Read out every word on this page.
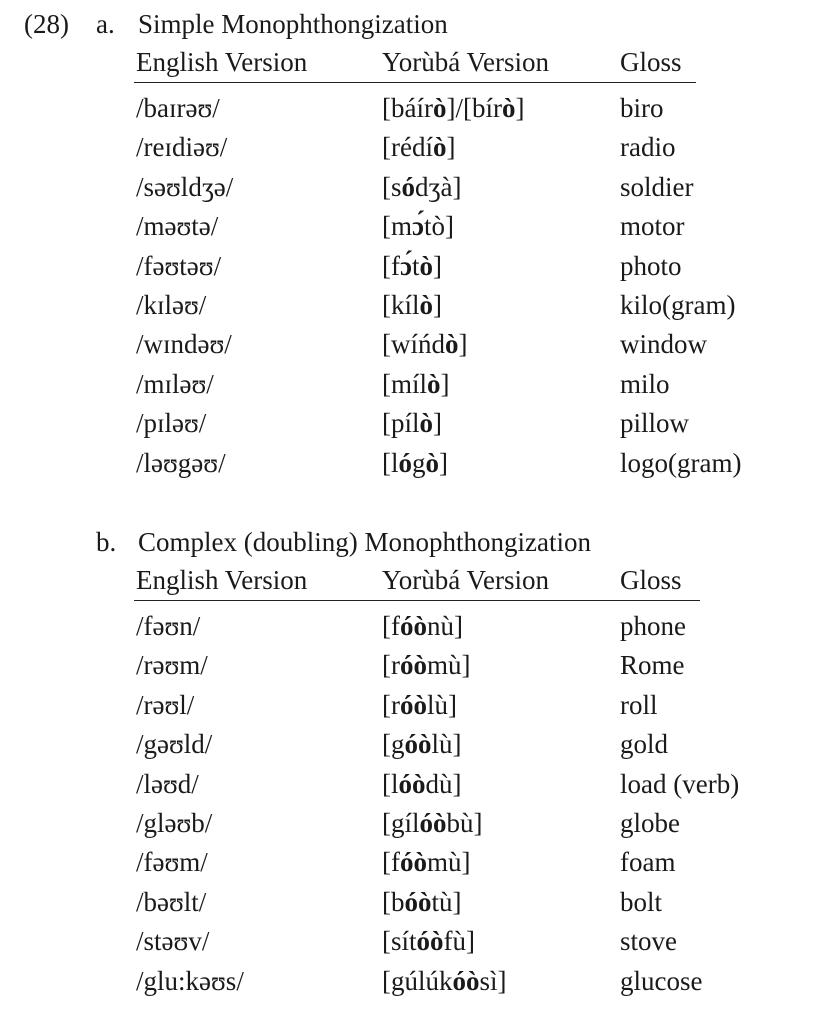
(28) a. Simple Monophthongization
English Version	Yorùbá Version	Gloss
/baɪrəʊ/	[báírò]/[bírò]	biro
/reɪdiəʊ/	[rédíò]	radio
/səʊldʒə/	[sódʒà]	soldier
/məʊtə/	[mɔ́tò]	motor
/fəʊtəʊ/	[fɔ́tò]	photo
/kɪləʊ/	[kílò]	kilo(gram)
/wɪndəʊ/	[wíńdò]	window
/mɪləʊ/	[mílò]	milo
/pɪləʊ/	[pílò]	pillow
/ləʊgəʊ/	[lógò]	logo(gram)
b. Complex (doubling) Monophthongization
English Version	Yorùbá Version	Gloss
/fəʊn/	[fóònù]	phone
/rəʊm/	[róòmù]	Rome
/rəʊl/	[róòlù]	roll
/gəʊld/	[góòlù]	gold
/ləʊd/	[lóòdù]	load (verb)
/gləʊb/	[gílóòbù]	globe
/fəʊm/	[fóòmù]	foam
/bəʊlt/	[bóòtù]	bolt
/stəʊv/	[sítóòfù]	stove
/glu:kəʊs/	[gúlúkóòsì]	glucose
